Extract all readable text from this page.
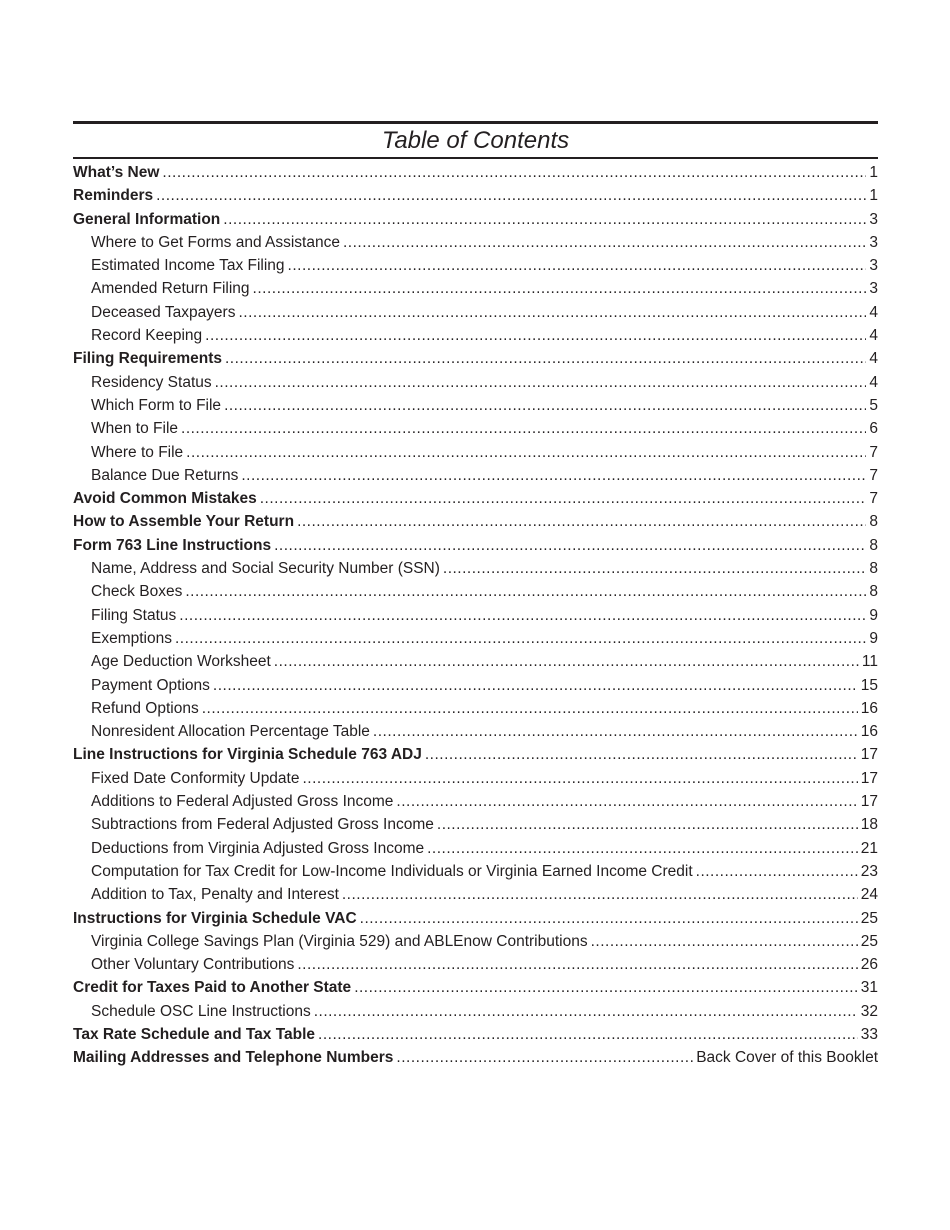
Table of Contents
What’s New .....	1
Reminders .....	1
General Information .....	3
Where to Get Forms and Assistance .....	3
Estimated Income Tax Filing .....	3
Amended Return Filing .....	3
Deceased Taxpayers .....	4
Record Keeping .....	4
Filing Requirements .....	4
Residency Status .....	4
Which Form to File .....	5
When to File .....	6
Where to File .....	7
Balance Due Returns .....	7
Avoid Common Mistakes .....	7
How to Assemble Your Return .....	8
Form 763 Line Instructions .....	8
Name, Address and Social Security Number (SSN) .....	8
Check Boxes .....	8
Filing Status .....	9
Exemptions .....	9
Age Deduction Worksheet .....	11
Payment Options .....	15
Refund Options .....	16
Nonresident Allocation Percentage Table .....	16
Line Instructions for Virginia Schedule 763 ADJ .....	17
Fixed Date Conformity Update .....	17
Additions to Federal Adjusted Gross Income .....	17
Subtractions from Federal Adjusted Gross Income .....	18
Deductions from Virginia Adjusted Gross Income .....	21
Computation for Tax Credit for Low-Income Individuals or Virginia Earned Income Credit .....	23
Addition to Tax, Penalty and Interest .....	24
Instructions for Virginia Schedule VAC .....	25
Virginia College Savings Plan (Virginia 529) and ABLEnow Contributions .....	25
Other Voluntary Contributions .....	26
Credit for Taxes Paid to Another State .....	31
Schedule OSC Line Instructions .....	32
Tax Rate Schedule and Tax Table .....	33
Mailing Addresses and Telephone Numbers .....	Back Cover of this Booklet
